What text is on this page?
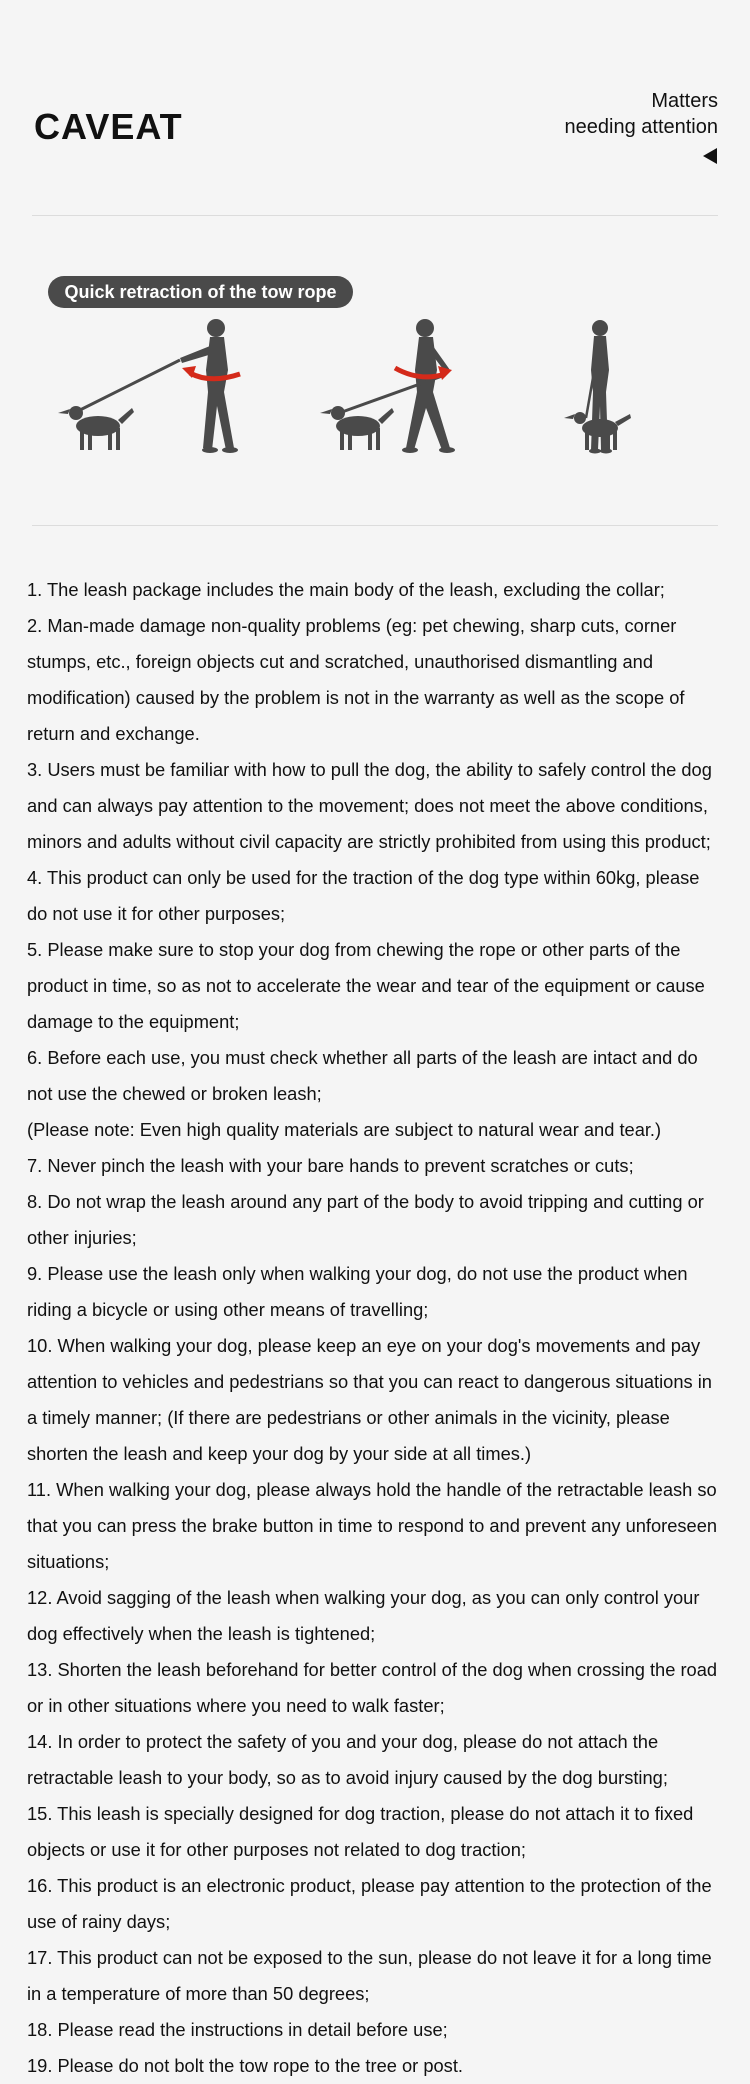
CAVEAT
Matters
needing attention
Quick retraction of the tow rope
1. The leash package includes the main body of the leash, excluding the collar;
2. Man-made damage non-quality problems (eg: pet chewing, sharp cuts, corner stumps, etc., foreign objects cut and scratched, unauthorised dismantling and modification) caused by the problem is not in the warranty as well as the scope of return and exchange.
3. Users must be familiar with how to pull the dog, the ability to safely control the dog and can always pay attention to the movement; does not meet the above conditions, minors and adults without civil capacity are strictly prohibited from using this product;
4. This product can only be used for the traction of the dog type within 60kg, please do not use it for other purposes;
5. Please make sure to stop your dog from chewing the rope or other parts of the product in time, so as not to accelerate the wear and tear of the equipment or cause damage to the equipment;
6. Before each use, you must check whether all parts of the leash are intact and do not use the chewed or broken leash;
(Please note: Even high quality materials are subject to natural wear and tear.)
7. Never pinch the leash with your bare hands to prevent scratches or cuts;
8. Do not wrap the leash around any part of the body to avoid tripping and cutting or other injuries;
9. Please use the leash only when walking your dog, do not use the product when riding a bicycle or using other means of travelling;
10. When walking your dog, please keep an eye on your dog's movements and pay attention to vehicles and pedestrians so that you can react to dangerous situations in a timely manner; (If there are pedestrians or other animals in the vicinity, please shorten the leash and keep your dog by your side at all times.)
11. When walking your dog, please always hold the handle of the retractable leash so that you can press the brake button in time to respond to and prevent any unforeseen situations;
12. Avoid sagging of the leash when walking your dog, as you can only control your dog effectively when the leash is tightened;
13. Shorten the leash beforehand for better control of the dog when crossing the road or in other situations where you need to walk faster;
14. In order to protect the safety of you and your dog, please do not attach the retractable leash to your body, so as to avoid injury caused by the dog bursting;
15. This leash is specially designed for dog traction, please do not attach it to fixed objects or use it for other purposes not related to dog traction;
16. This product is an electronic product, please pay attention to the protection of the use of rainy days;
17. This product can not be exposed to the sun, please do not leave it for a long time in a temperature of more than 50 degrees;
18. Please read the instructions in detail before use;
19. Please do not bolt the tow rope to the tree or post.
